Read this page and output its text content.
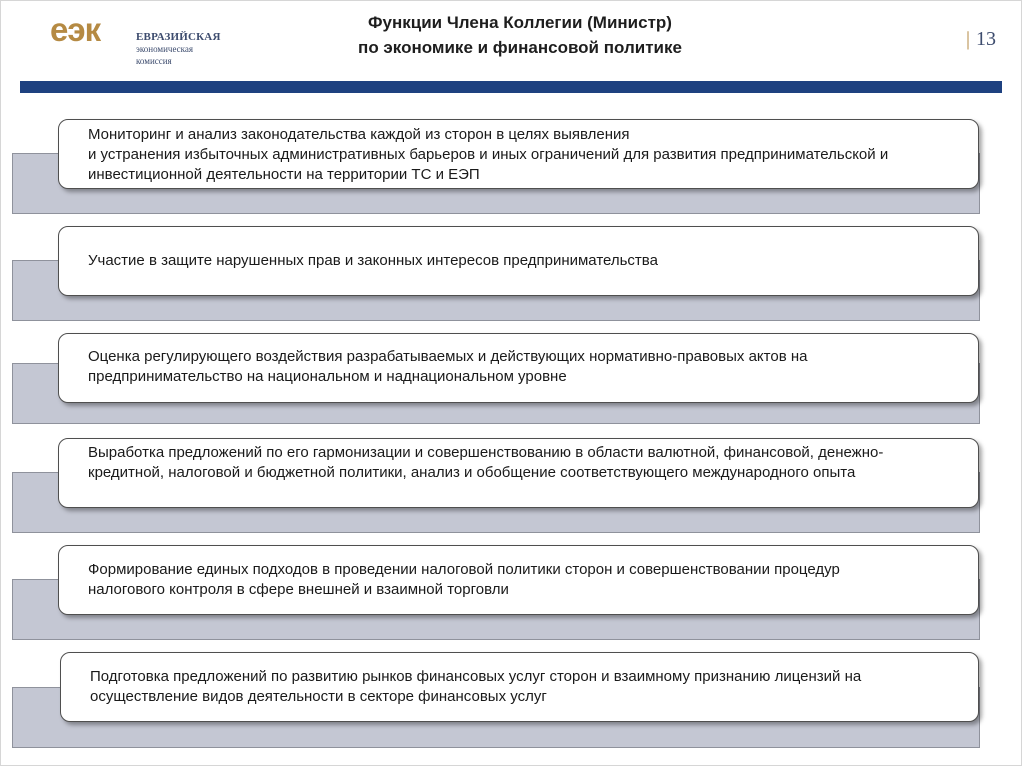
еэк	ЕВРАЗИЙСКАЯ
экономическая
комиссия
Функции Члена Коллегии (Министр)
по экономике и финансовой политике	| 13
Мониторинг и анализ законодательства каждой из сторон в целях выявления
и устранения избыточных административных барьеров и иных ограничений для развития предпринимательской и инвестиционной деятельности на территории ТС и ЕЭП
Участие в защите нарушенных прав и законных интересов предпринимательства
Оценка регулирующего воздействия разрабатываемых и действующих нормативно-правовых актов на предпринимательство на национальном и наднациональном уровне
Выработка предложений по его гармонизации и совершенствованию в области валютной, финансовой, денежно-кредитной, налоговой и бюджетной политики, анализ и обобщение соответствующего международного опыта
Формирование единых подходов в проведении налоговой политики сторон и совершенствовании процедур налогового контроля в сфере внешней и взаимной торговли
Подготовка предложений по развитию рынков финансовых услуг сторон и взаимному признанию лицензий на осуществление видов деятельности в секторе финансовых услуг
